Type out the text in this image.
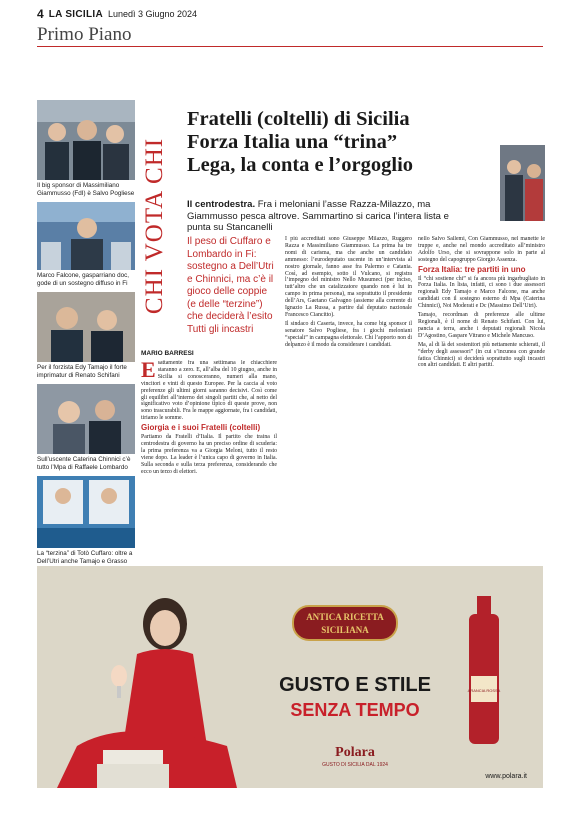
4 LA SICILIA Lunedì 3 Giugno 2024
Primo Piano
Il big sponsor di Massimiliano Giammusso (FdI) è Salvo Pogliese
Marco Falcone, gasparriano doc, gode di un sostegno diffuso in Fi
Per il forzista Edy Tamajo il forte imprimatur di Renato Schifani
Sull’uscente Caterina Chinnici c’è tutto l’Mpa di Raffaele Lombardo
La “terzina” di Totò Cuffaro: oltre a Dell’Utri anche Tamajo e Grasso
CHI VOTA CHI
Fratelli (coltelli) di Sicilia
Forza Italia una “trina”
Lega, la conta e l’orgoglio
Il centrodestra. Fra i meloniani l’asse Razza-Milazzo, ma Giammusso pesca altrove. Sammartino si carica l’intera lista e punta su Stancanelli
Il peso di Cuffaro e Lombardo in Fi: sostegno a Dell’Utri e Chinnici, ma c’è il gioco delle coppie (e delle “terzine”) che deciderà l’esito Tutti gli incastri
MARIO BARRESI

Esattamente fra una settimana le chiacchiere staranno a zero. E, all’alba del 10 giugno, anche in Sicilia si conosceranno, numeri alla mano, vincitori e vinti di questo Europee. Per la caccia al voto preferenze gli ultimi giorni saranno decisivi. Così come gli equilibri all’interno dei singoli partiti che, al netto del significativo voto d’opinione tipico di queste prove, non sono trascurabili. Fra le mappe aggiornate, fra i candidati, tiriamo le somme.

Giorgia e i suoi Fratelli (coltelli)

Partiamo da Fratelli d’Italia. Il partito che traina il centrodestra di governo ha un preciso ordine di scuderia: la prima preferenza va a Giorgia Meloni, tutto il resto viene dopo. La leader è l’unica capo di governo in Italia. Sulla seconda e sulla terza preferenza, considerando che ecco un terzo di elettori.

I più accreditati sono Giuseppe Milazzo, Ruggero Razza e Massimiliano Giammusso. La prima ha tre nomi di carisma, ma che anche un candidato ammesso: l’eurodeputato uscente in un’intervista al nostro giornale, fanno asse fra Palermo e Catania. Così, ad esempio, sotto il Vulcano, si registra l’impegno del ministro Nello Musumeci (per inciso, tutt’altro che un catalizzatore quando non è lui in campo in prima persona), ma soprattutto il presidente dell’Ars, Gaetano Galvagno (assieme alla corrente di Ignazio La Russa, a partire dal deputato nazionale Francesco Ciancitto).

Il sindaco di Caserta, invece, ha come big sponsor il senatore Salvo Pogliese, fra i giochi meloniani “speciali” in campagna elettorale. Chi l’apporto non di delpanzo è il modo da considerare i candidati.

nello Salvo Sallemi, Con Giammusso, nel manette le truppe e, anche nel mondo accreditato all’ministro Adolfo Urso, che si sovrappone solo in parte al sostegno del capogruppo Giorgio Assenza.

Forza Italia: tre partiti in uno

Il “chi sostiene chi” si fa ancora più ingarbugliato in Forza Italia. In lista, infatti, ci sono i due assessori regionali Edy Tamajo e Marco Falcone, ma anche candidati con il sostegno esterno di Mpa (Caterina Chinnici), Noi Moderati e Dc (Massimo Dell’Utri).

Tamajo, recordman di preferenze alle ultime Regionali, è il nome di Renato Schifani. Con lui, pancia a terra, anche i deputati regionali Nicola D’Agostino, Gaspare Vitrano e Michele Mancuso.

Ma, al di là dei sostenitori più nettamente schierati, il “derby degli assessori” (in cui s’incunea con grande fatica Chinnici) si deciderà soprattutto sugli incastri con altri candidati. E altri partiti.

ANTICA RICETTA
SICILIANA
GUSTO E STILE
SENZA TEMPO
ARANCIA ROSSA
Polara
GUSTO DI SICILIA DAL 1924
www.polara.it
